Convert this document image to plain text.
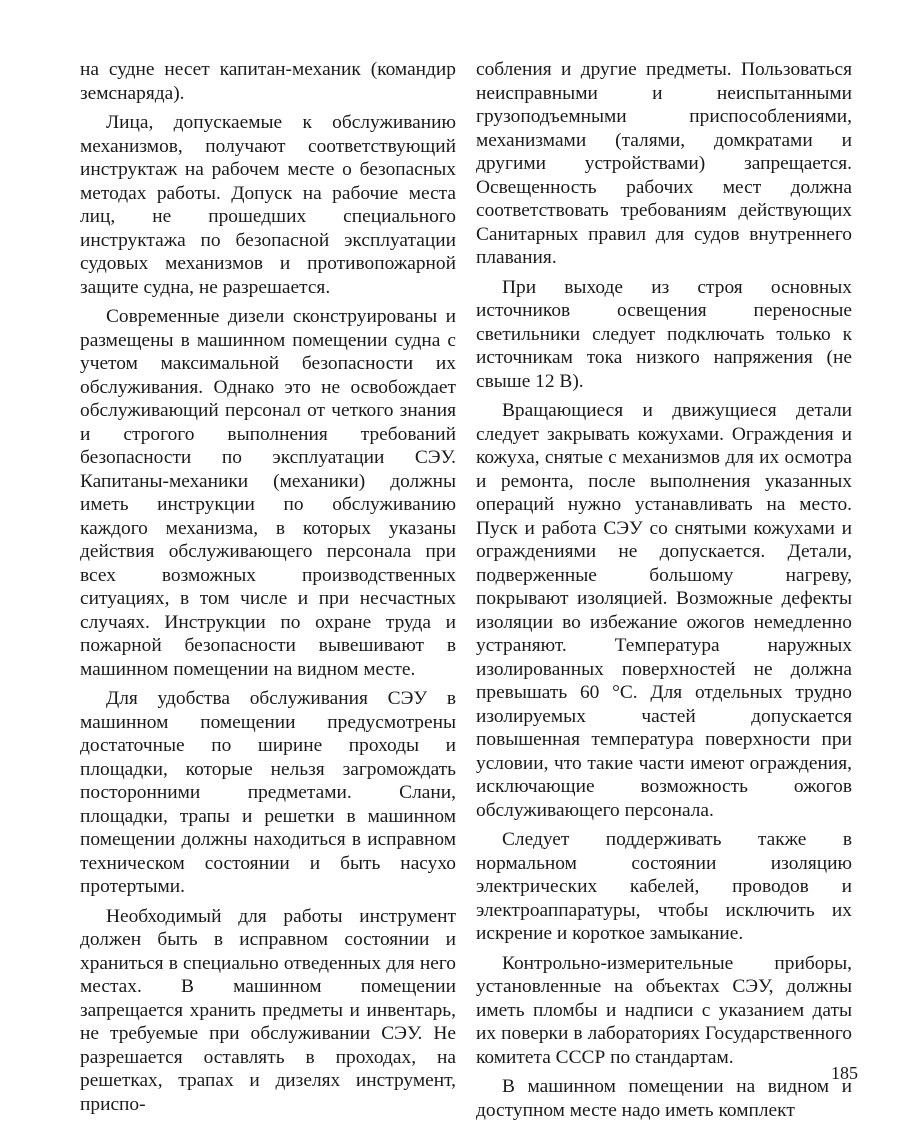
на судне несет капитан-механик (командир земснаряда).

Лица, допускаемые к обслуживанию механизмов, получают соответствующий инструктаж на рабочем месте о безопасных методах работы. Допуск на рабочие места лиц, не прошедших специального инструктажа по безопасной эксплуатации судовых механизмов и противопожарной защите судна, не разрешается.

Современные дизели сконструированы и размещены в машинном помещении судна с учетом максимальной безопасности их обслуживания. Однако это не освобождает обслуживающий персонал от четкого знания и строгого выполнения требований безопасности по эксплуатации СЭУ. Капитаны-механики (механики) должны иметь инструкции по обслуживанию каждого механизма, в которых указаны действия обслуживающего персонала при всех возможных производственных ситуациях, в том числе и при несчастных случаях. Инструкции по охране труда и пожарной безопасности вывешивают в машинном помещении на видном месте.

Для удобства обслуживания СЭУ в машинном помещении предусмотрены достаточные по ширине проходы и площадки, которые нельзя загромождать посторонними предметами. Слани, площадки, трапы и решетки в машинном помещении должны находиться в исправном техническом состоянии и быть насухо протертыми.

Необходимый для работы инструмент должен быть в исправном состоянии и храниться в специально отведенных для него местах. В машинном помещении запрещается хранить предметы и инвентарь, не требуемые при обслуживании СЭУ. Не разрешается оставлять в проходах, на решетках, трапах и дизелях инструмент, приспо-

собления и другие предметы. Пользоваться неисправными и неиспытанными грузоподъемными приспособлениями, механизмами (талями, домкратами и другими устройствами) запрещается. Освещенность рабочих мест должна соответствовать требованиям действующих Санитарных правил для судов внутреннего плавания.

При выходе из строя основных источников освещения переносные светильники следует подключать только к источникам тока низкого напряжения (не свыше 12 В).

Вращающиеся и движущиеся детали следует закрывать кожухами. Ограждения и кожуха, снятые с механизмов для их осмотра и ремонта, после выполнения указанных операций нужно устанавливать на место. Пуск и работа СЭУ со снятыми кожухами и ограждениями не допускается. Детали, подверженные большому нагреву, покрывают изоляцией. Возможные дефекты изоляции во избежание ожогов немедленно устраняют. Температура наружных изолированных поверхностей не должна превышать 60 °С. Для отдельных трудно изолируемых частей допускается повышенная температура поверхности при условии, что такие части имеют ограждения, исключающие возможность ожогов обслуживающего персонала.

Следует поддерживать также в нормальном состоянии изоляцию электрических кабелей, проводов и электроаппаратуры, чтобы исключить их искрение и короткое замыкание.

Контрольно-измерительные приборы, установленные на объектах СЭУ, должны иметь пломбы и надписи с указанием даты их поверки в лабораториях Государственного комитета СССР по стандартам.

В машинном помещении на видном и доступном месте надо иметь комплект

185
